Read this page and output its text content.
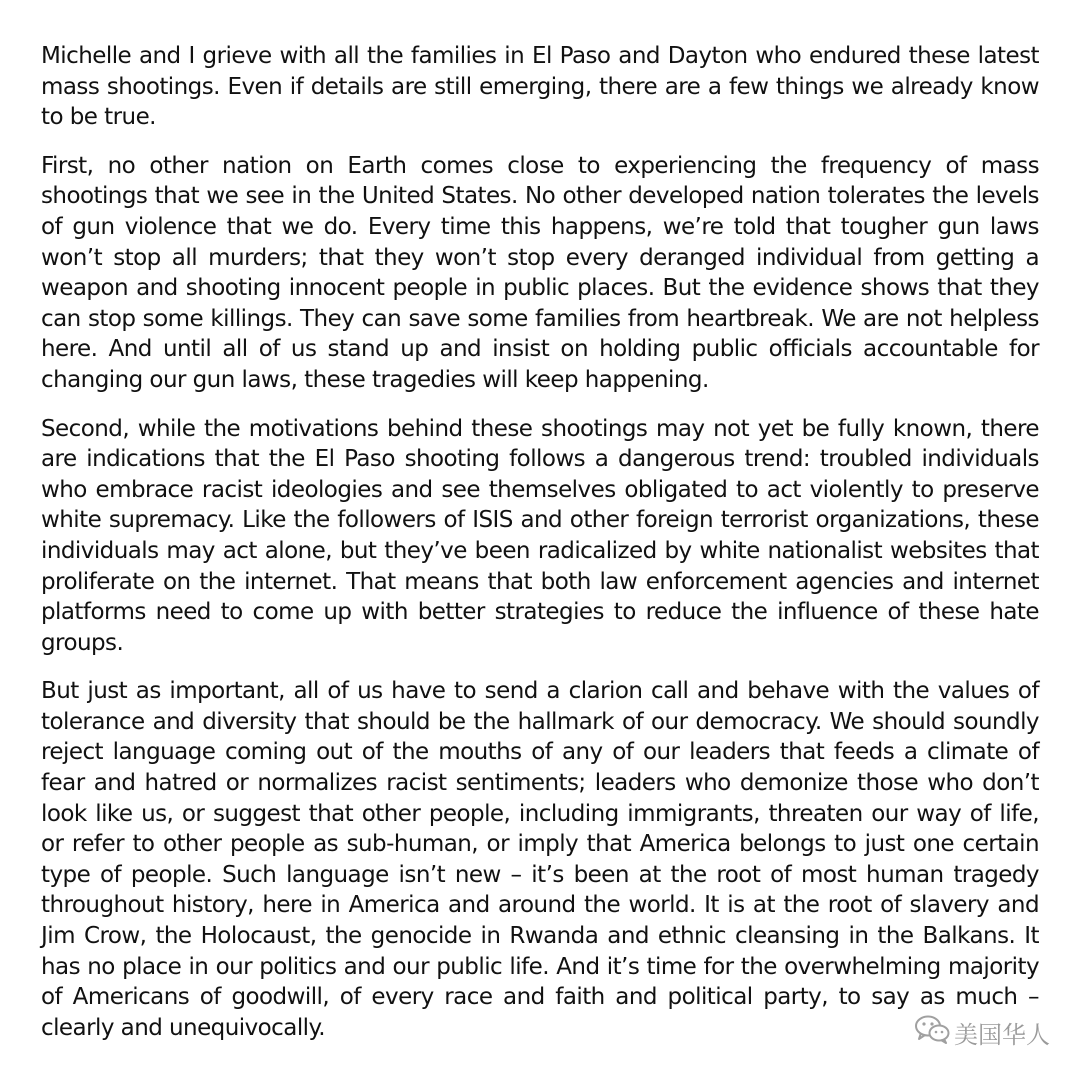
Michelle and I grieve with all the families in El Paso and Dayton who endured these latest mass shootings. Even if details are still emerging, there are a few things we already know to be true.

First, no other nation on Earth comes close to experiencing the frequency of mass shootings that we see in the United States. No other developed nation tolerates the levels of gun violence that we do. Every time this happens, we’re told that tougher gun laws won’t stop all murders; that they won’t stop every deranged individual from getting a weapon and shooting innocent people in public places. But the evidence shows that they can stop some killings. They can save some families from heartbreak. We are not helpless here. And until all of us stand up and insist on holding public officials accountable for changing our gun laws, these tragedies will keep happening.

Second, while the motivations behind these shootings may not yet be fully known, there are indications that the El Paso shooting follows a dangerous trend: troubled individuals who embrace racist ideologies and see themselves obligated to act violently to preserve white supremacy. Like the followers of ISIS and other foreign terrorist organizations, these individuals may act alone, but they’ve been radicalized by white nationalist websites that proliferate on the internet. That means that both law enforcement agencies and internet platforms need to come up with better strategies to reduce the influence of these hate groups.

But just as important, all of us have to send a clarion call and behave with the values of tolerance and diversity that should be the hallmark of our democracy. We should soundly reject language coming out of the mouths of any of our leaders that feeds a climate of fear and hatred or normalizes racist sentiments; leaders who demonize those who don’t look like us, or suggest that other people, including immigrants, threaten our way of life, or refer to other people as sub-human, or imply that America belongs to just one certain type of people. Such language isn’t new – it’s been at the root of most human tragedy throughout history, here in America and around the world. It is at the root of slavery and Jim Crow, the Holocaust, the genocide in Rwanda and ethnic cleansing in the Balkans. It has no place in our politics and our public life. And it’s time for the overwhelming majority of Americans of goodwill, of every race and faith and political party, to say as much – clearly and unequivocally.	美国华人
